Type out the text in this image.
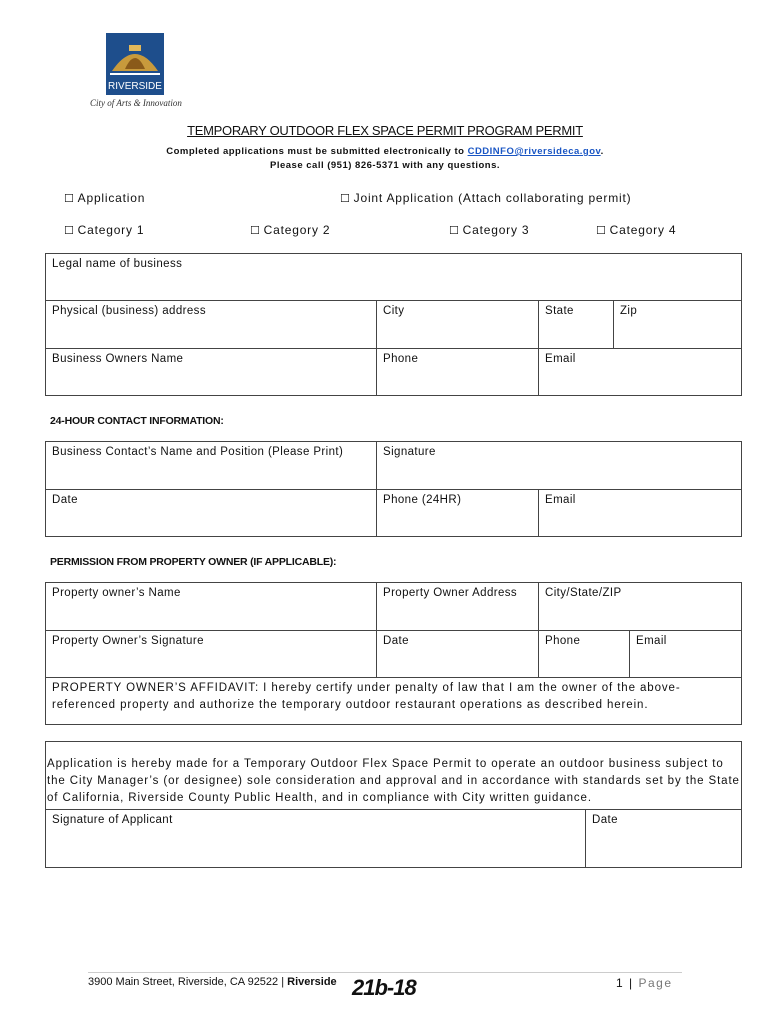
RIVERSIDE
City of Arts & Innovation
TEMPORARY OUTDOOR FLEX SPACE PERMIT PROGRAM PERMIT
Completed applications must be submitted electronically to CDDINFO@riversideca.gov.
Please call (951) 826-5371 with any questions.
☐ Application	☐ Joint Application (Attach collaborating permit)
☐ Category 1	☐ Category 2	☐ Category 3	☐ Category 4
Legal name of business			
Physical (business) address	City	State	Zip
Business Owners Name	Phone	Email	
24-HOUR CONTACT INFORMATION:
Business Contact’s Name and Position (Please Print)	Signature	
Date	Phone (24HR)	Email
PERMISSION FROM PROPERTY OWNER (IF APPLICABLE):
Property owner’s Name	Property Owner Address	City/State/ZIP	
Property Owner’s Signature	Date	Phone	Email
PROPERTY OWNER’S AFFIDAVIT: I hereby certify under penalty of law that I am the owner of the above-referenced property and authorize the temporary outdoor restaurant operations as described herein.			
Application is hereby made for a Temporary Outdoor Flex Space Permit to operate an outdoor business subject to the City Manager’s (or designee) sole consideration and approval and in accordance with standards set by the State of California, Riverside County Public Health, and in compliance with City written guidance.
Signature of Applicant	Date
3900 Main Street, Riverside, CA 92522 | Riverside 21b-18	1 | Page
